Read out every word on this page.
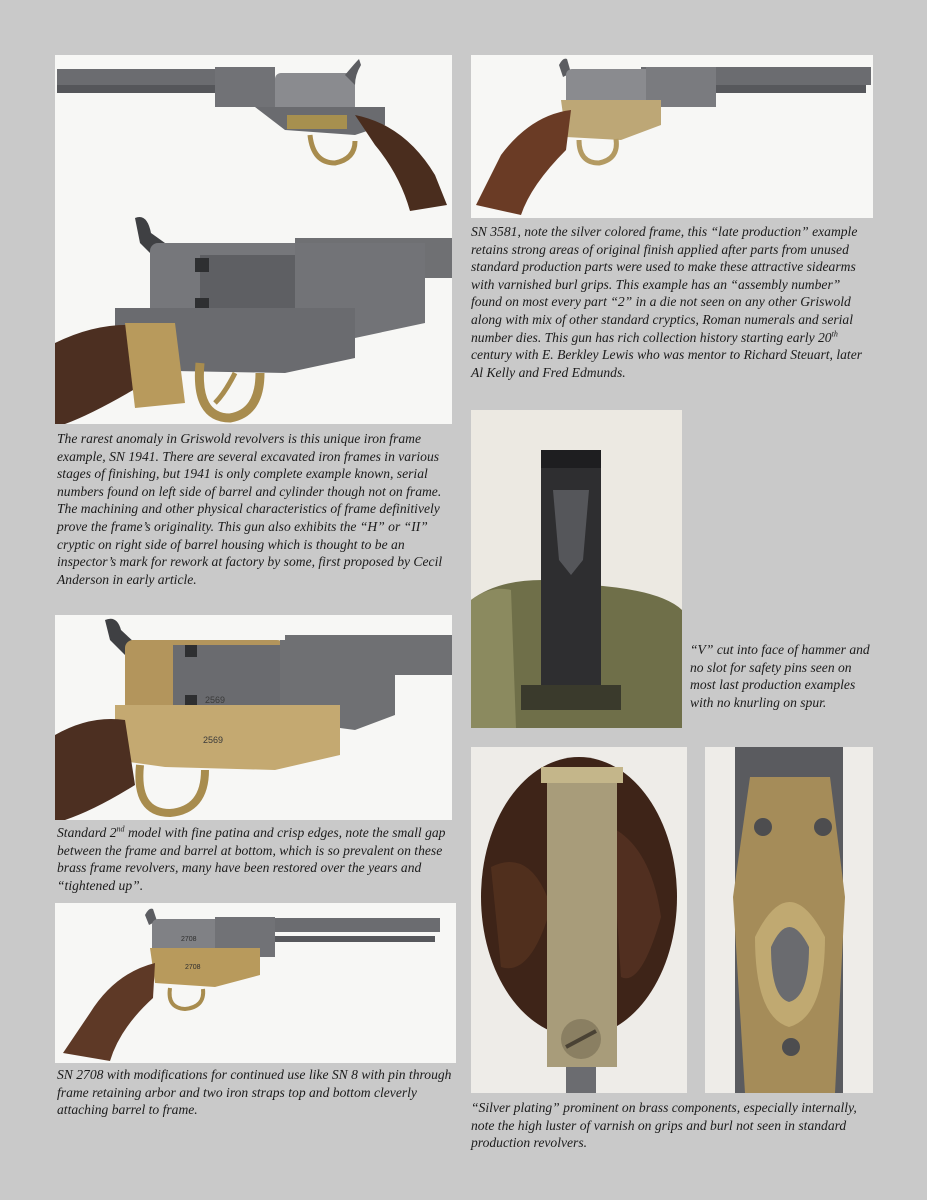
The rarest anomaly in Griswold revolvers is this unique iron frame example, SN 1941. There are several excavated iron frames in various stages of finishing, but 1941 is only complete example known, serial numbers found on left side of barrel and cylinder though not on frame. The machining and other physical characteristics of frame definitively prove the frame’s originality. This gun also exhibits the “H” or “II” cryptic on right side of barrel housing which is thought to be an inspector’s mark for rework at factory by some, first proposed by Cecil Anderson in early article.

SN 3581, note the silver colored frame, this “late production” example retains strong areas of original finish applied after parts from unused standard production parts were used to make these attractive sidearms with varnished burl grips. This example has an “assembly number” found on most every part “2” in a die not seen on any other Griswold along with mix of other standard cryptics, Roman numerals and serial number dies. This gun has rich collection history starting early 20th century with E. Berkley Lewis who was mentor to Richard Steuart, later Al Kelly and Fred Edmunds.

“V” cut into face of hammer and no slot for safety pins seen on most last production examples with no knurling on spur.

2569
2569

Standard 2nd model with fine patina and crisp edges, note the small gap between the frame and barrel at bottom, which is so prevalent on these brass frame revolvers, many have been restored over the years and “tightened up”.

2708
2708

SN 2708 with modifications for continued use like SN 8 with pin through frame retaining arbor and two iron straps top and bottom cleverly attaching barrel to frame.	“Silver plating” prominent on brass components, especially internally, note the high luster of varnish on grips and burl not seen in standard production revolvers.
